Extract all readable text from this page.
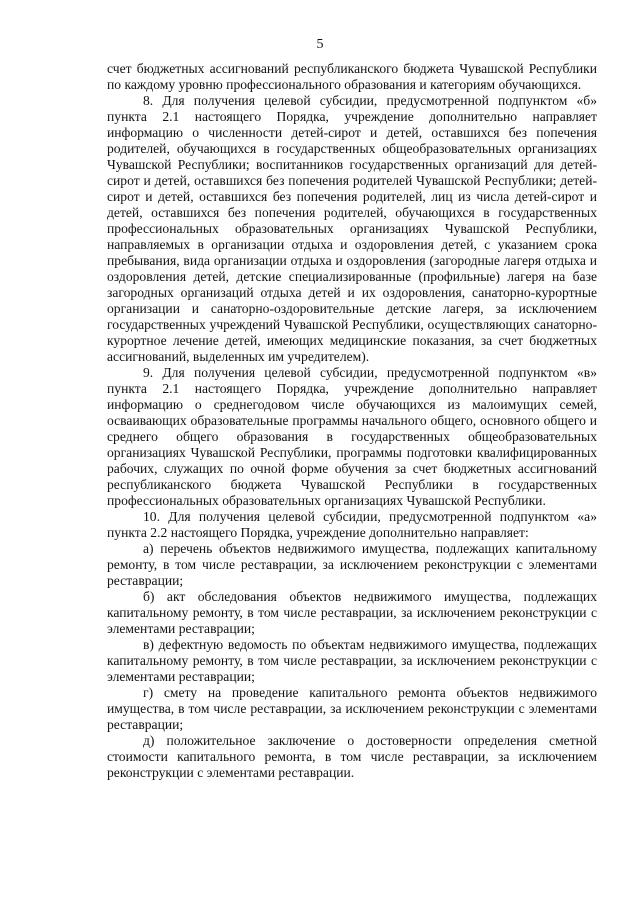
5

счет бюджетных ассигнований республиканского бюджета Чувашской Республики по каждому уровню профессионального образования и категориям обучающихся.

8. Для получения целевой субсидии, предусмотренной подпунктом «б» пункта 2.1 настоящего Порядка, учреждение дополнительно направляет информацию о численности детей-сирот и детей, оставшихся без попечения родителей, обучающихся в государственных общеобразовательных организациях Чувашской Республики; воспитанников государственных организаций для детей-сирот и детей, оставшихся без попечения родителей Чувашской Республики; детей-сирот и детей, оставшихся без попечения родителей, лиц из числа детей-сирот и детей, оставшихся без попечения родителей, обучающихся в государственных профессиональных образовательных организациях Чувашской Республики, направляемых в организации отдыха и оздоровления детей, с указанием срока пребывания, вида организации отдыха и оздоровления (загородные лагеря отдыха и оздоровления детей, детские специализированные (профильные) лагеря на базе загородных организаций отдыха детей и их оздоровления, санаторно-курортные организации и санаторно-оздоровительные детские лагеря, за исключением государственных учреждений Чувашской Республики, осуществляющих санаторно-курортное лечение детей, имеющих медицинские показания, за счет бюджетных ассигнований, выделенных им учредителем).

9. Для получения целевой субсидии, предусмотренной подпунктом «в» пункта 2.1 настоящего Порядка, учреждение дополнительно направляет информацию о среднегодовом числе обучающихся из малоимущих семей, осваивающих образовательные программы начального общего, основного общего и среднего общего образования в государственных общеобразовательных организациях Чувашской Республики, программы подготовки квалифицированных рабочих, служащих по очной форме обучения за счет бюджетных ассигнований республиканского бюджета Чувашской Республики в государственных профессиональных образовательных организациях Чувашской Республики.

10. Для получения целевой субсидии, предусмотренной подпунктом «а» пункта 2.2 настоящего Порядка, учреждение дополнительно направляет:

а) перечень объектов недвижимого имущества, подлежащих капитальному ремонту, в том числе реставрации, за исключением реконструкции с элементами реставрации;

б) акт обследования объектов недвижимого имущества, подлежащих капитальному ремонту, в том числе реставрации, за исключением реконструкции с элементами реставрации;

в) дефектную ведомость по объектам недвижимого имущества, подлежащих капитальному ремонту, в том числе реставрации, за исключением реконструкции с элементами реставрации;

г) смету на проведение капитального ремонта объектов недвижимого имущества, в том числе реставрации, за исключением реконструкции с элементами реставрации;

д) положительное заключение о достоверности определения сметной стоимости капитального ремонта, в том числе реставрации, за исключением реконструкции с элементами реставрации.
